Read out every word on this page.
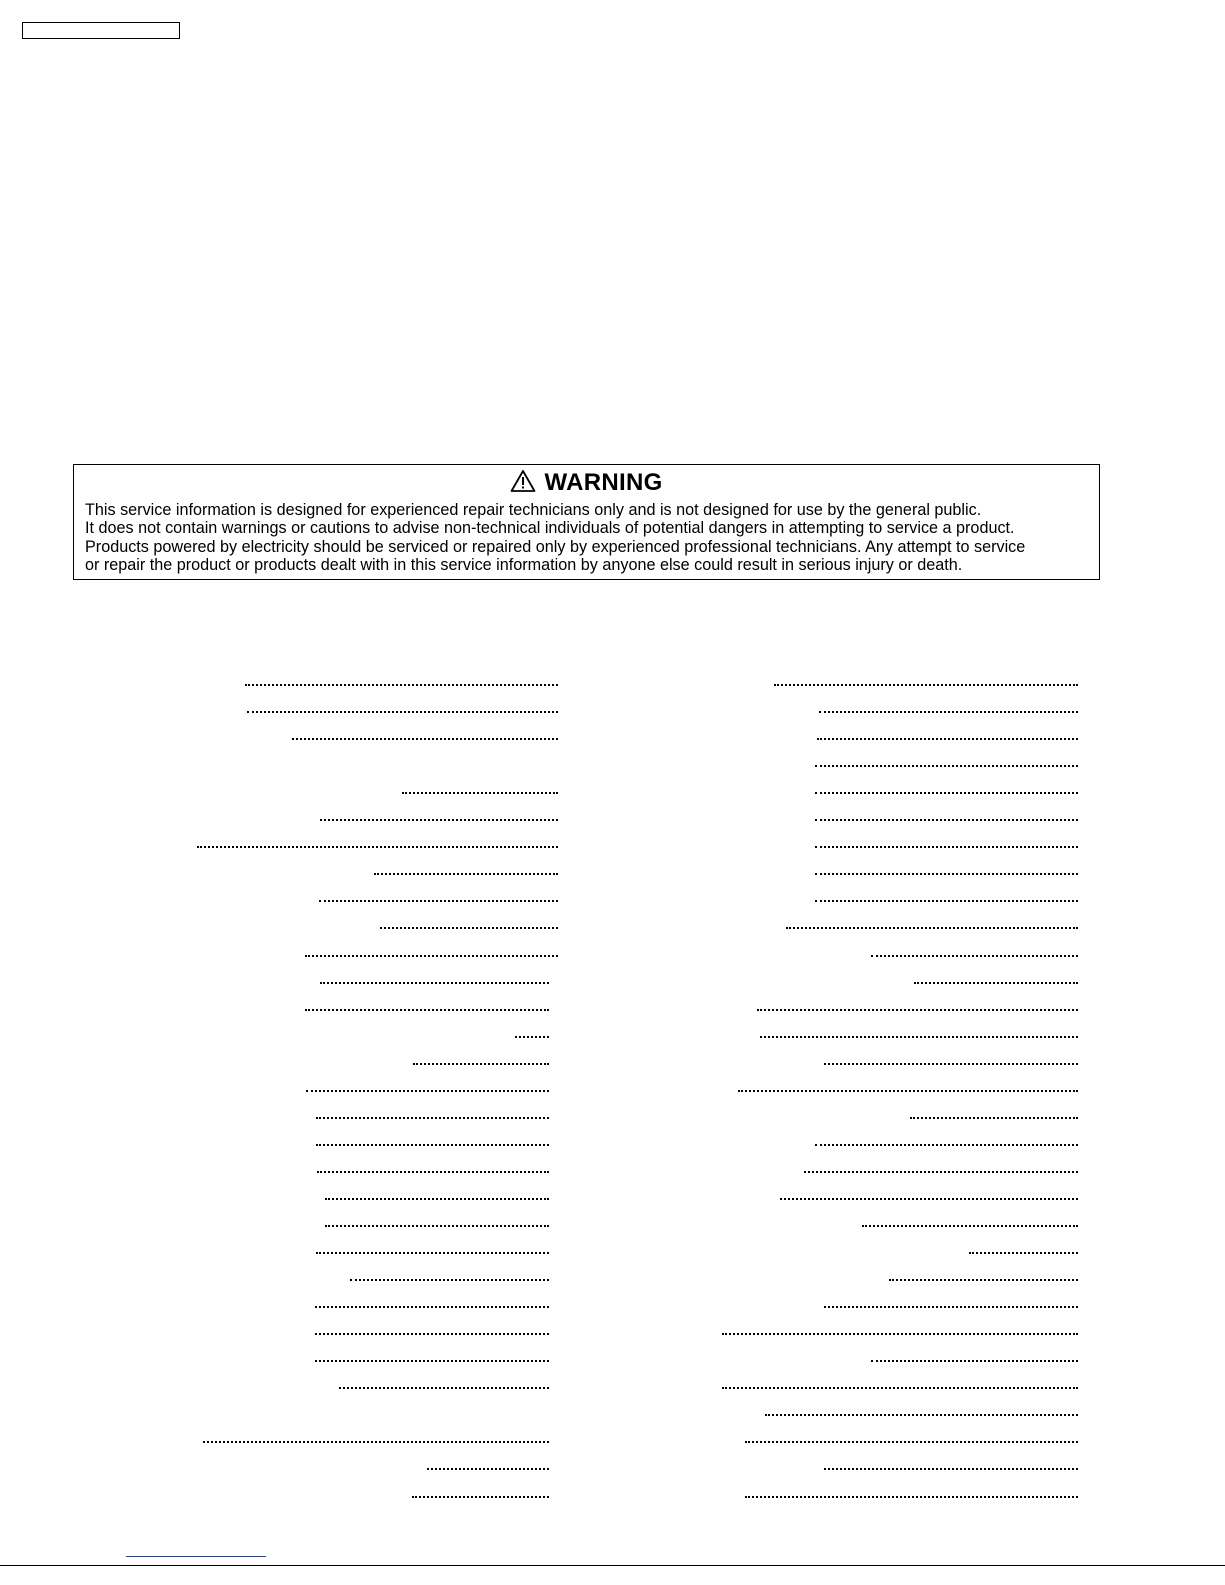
WARNING
This service information is designed for experienced repair technicians only and is not designed for use by the general public.
It does not contain warnings or cautions to advise non-technical individuals of potential dangers in attempting to service a product.
Products powered by electricity should be serviced or repaired only by experienced professional technicians. Any attempt to service
or repair the product or products dealt with in this service information by anyone else could result in serious injury or death.
